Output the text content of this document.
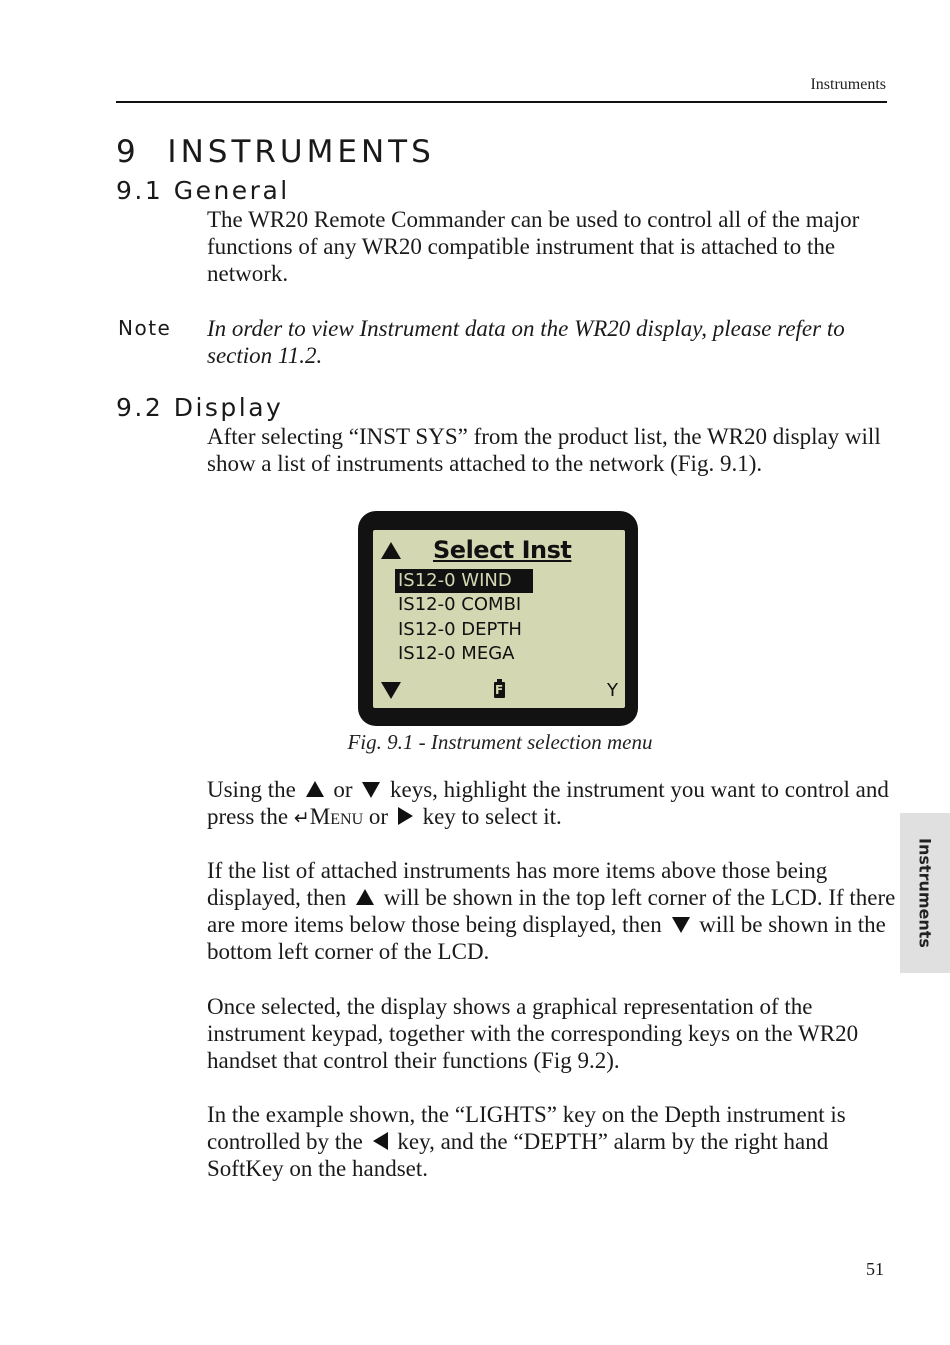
Instruments
9  INSTRUMENTS
9.1 General

The WR20 Remote Commander can be used to control all of the major functions of any WR20 compatible instrument that is attached to the network.

Note In order to view Instrument data on the WR20 display, please refer to section 11.2.

9.2 Display

After selecting “INST SYS” from the product list, the WR20 display will show a list of instruments attached to the network (Fig. 9.1).

Select Inst
IS12-0 WIND
IS12-0 COMBI
IS12-0 DEPTH
IS12-0 MEGA
F	Y
Fig. 9.1 - Instrument selection menu

Using the or keys, highlight the instrument you want to control and press the ↵Menu or key to select it.

If the list of attached instruments has more items above those being displayed, then will be shown in the top left corner of the LCD. If there are more items below those being displayed, then will be shown in the bottom left corner of the LCD.

Once selected, the display shows a graphical representation of the instrument keypad, together with the corresponding keys on the WR20 handset that control their functions (Fig 9.2).

In the example shown, the “LIGHTS” key on the Depth instrument is controlled by the key, and the “DEPTH” alarm by the right hand SoftKey on the handset.

Instruments
51
